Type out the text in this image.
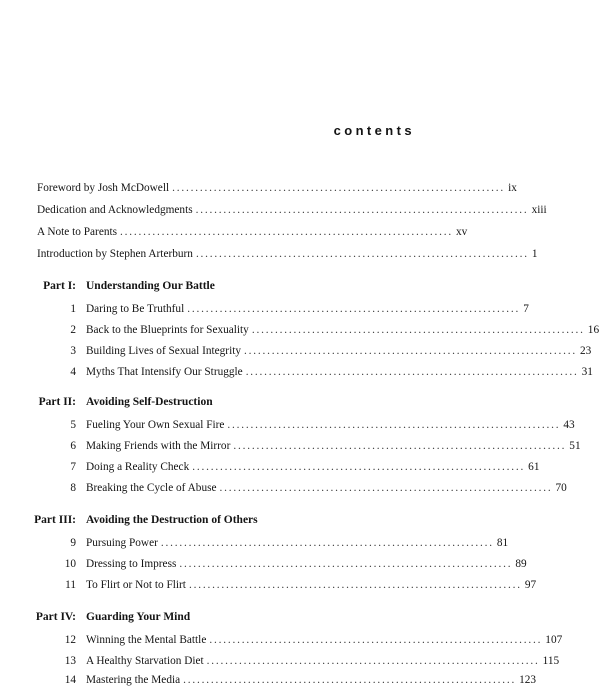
contents
Foreword by Josh McDowell ........................................................................ ix
Dedication and Acknowledgments ........................................................................ xiii
A Note to Parents ........................................................................ xv
Introduction by Stephen Arterburn ........................................................................ 1
Part I: Understanding Our Battle
1 Daring to Be Truthful ........................................................................ 7
2 Back to the Blueprints for Sexuality ........................................................................ 16
3 Building Lives of Sexual Integrity ........................................................................ 23
4 Myths That Intensify Our Struggle ........................................................................ 31
Part II: Avoiding Self-Destruction
5 Fueling Your Own Sexual Fire ........................................................................ 43
6 Making Friends with the Mirror ........................................................................ 51
7 Doing a Reality Check ........................................................................ 61
8 Breaking the Cycle of Abuse ........................................................................ 70
Part III: Avoiding the Destruction of Others
9 Pursuing Power ........................................................................ 81
10 Dressing to Impress ........................................................................ 89
11 To Flirt or Not to Flirt ........................................................................ 97
Part IV: Guarding Your Mind
12 Winning the Mental Battle ........................................................................ 107
13 A Healthy Starvation Diet ........................................................................ 115
14 Mastering the Media ........................................................................ 123
